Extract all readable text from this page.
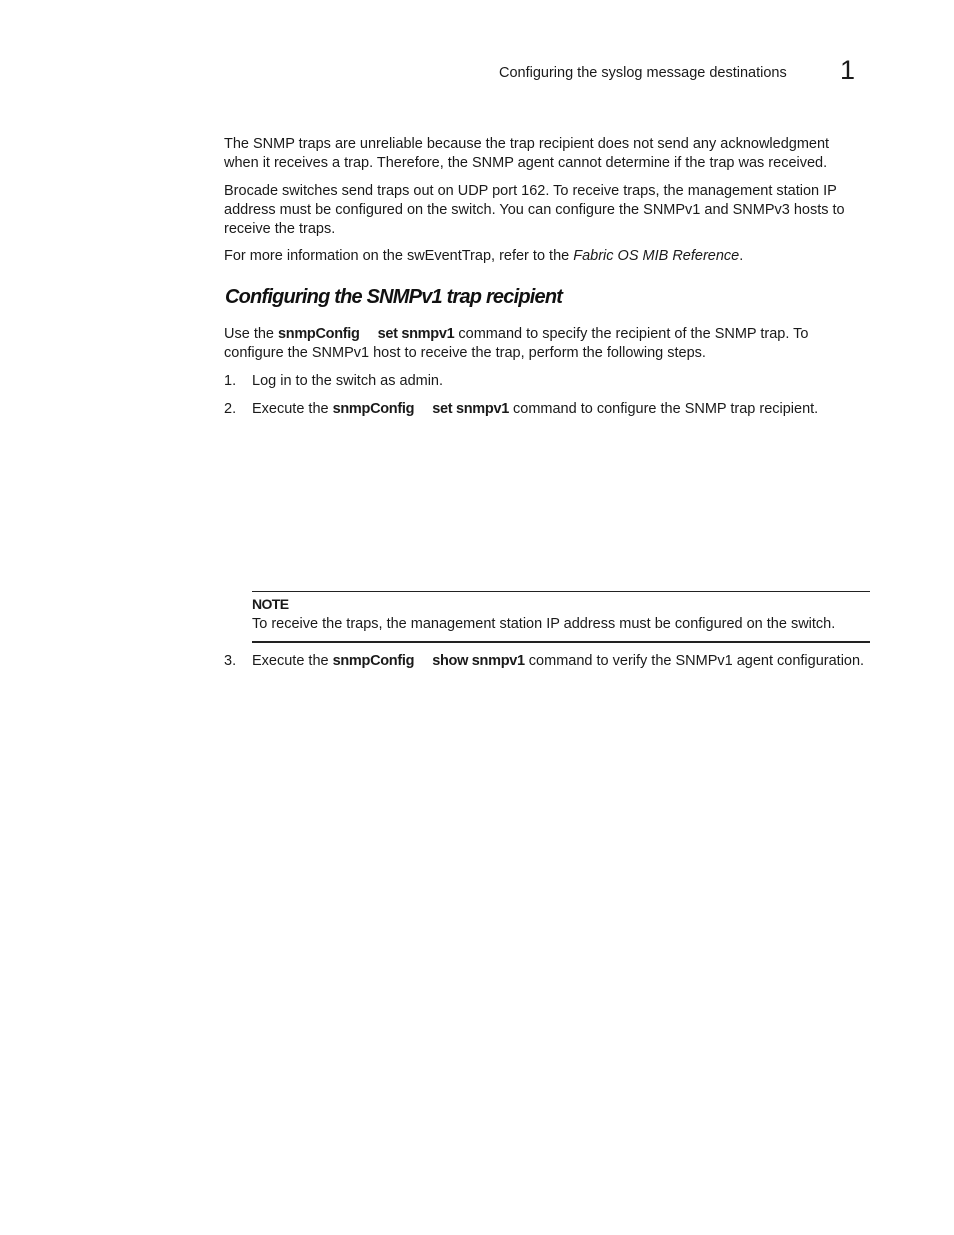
Configuring the syslog message destinations 1

The SNMP traps are unreliable because the trap recipient does not send any acknowledgment when it receives a trap. Therefore, the SNMP agent cannot determine if the trap was received.

Brocade switches send traps out on UDP port 162. To receive traps, the management station IP address must be configured on the switch. You can configure the SNMPv1 and SNMPv3 hosts to receive the traps.

For more information on the swEventTrap, refer to the Fabric OS MIB Reference.

Configuring the SNMPv1 trap recipient

Use the snmpConfig set snmpv1 command to specify the recipient of the SNMP trap. To configure the SNMPv1 host to receive the trap, perform the following steps.

1. Log in to the switch as admin.
2. Execute the snmpConfig set snmpv1 command to configure the SNMP trap recipient.
NOTE
To receive the traps, the management station IP address must be configured on the switch.
3. Execute the snmpConfig show snmpv1 command to verify the SNMPv1 agent configuration.
